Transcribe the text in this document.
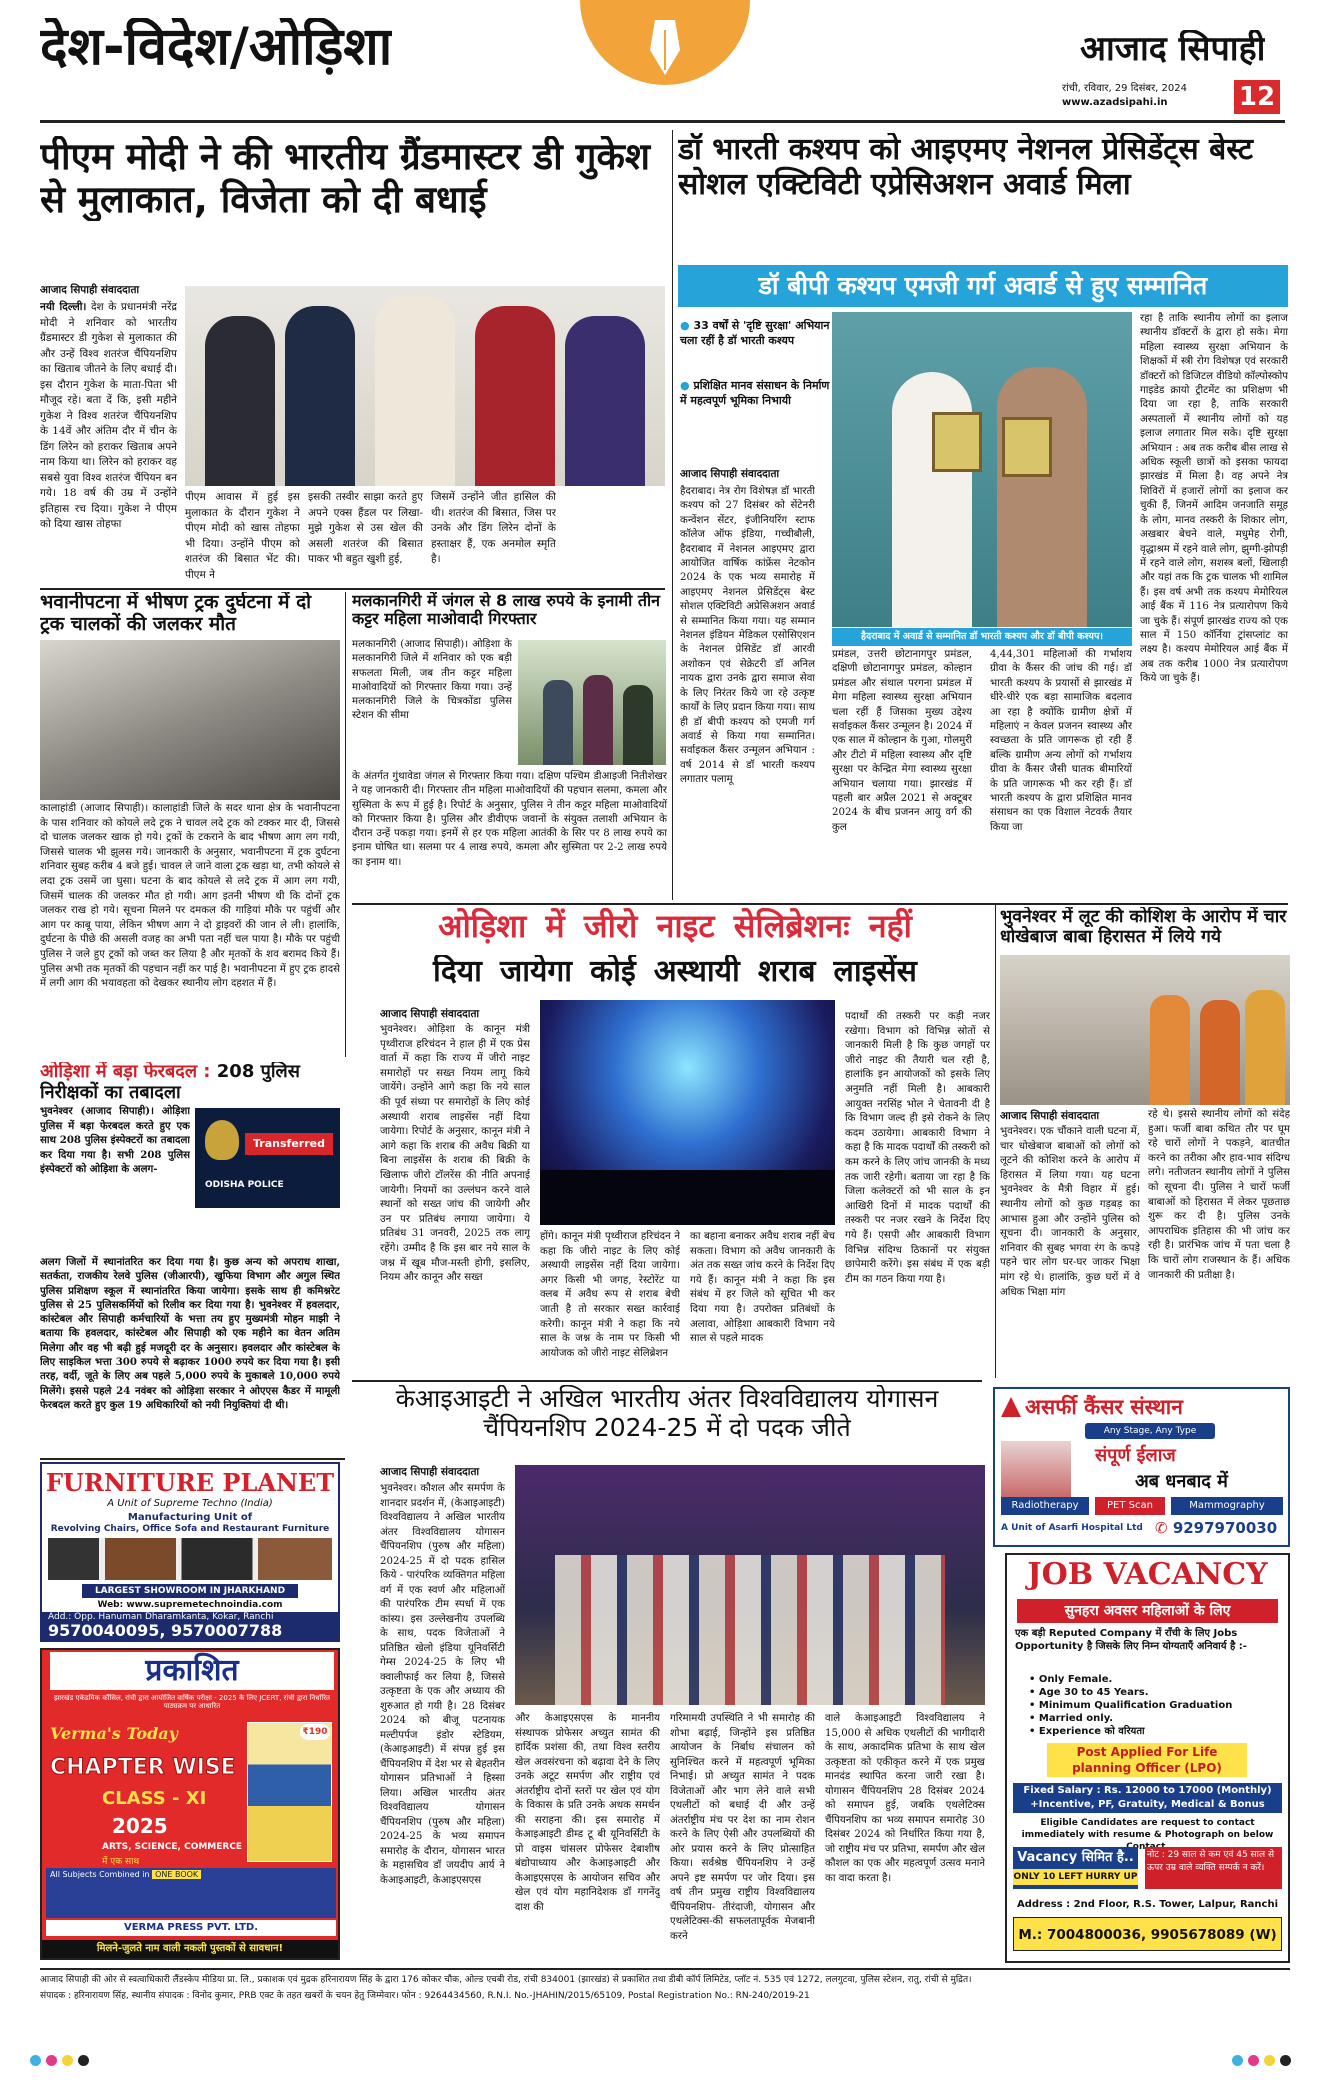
देश-विदेश/ओड़िशा	आजाद सिपाही
रांची, रविवार, 29 दिसंबर, 2024
www.azadsipahi.in	12
पीएम मोदी ने की भारतीय ग्रैंडमास्टर डी गुकेश से मुलाकात, विजेता को दी बधाई
आजाद सिपाही संवाददाता
नयी दिल्ली। देश के प्रधानमंत्री नरेंद्र मोदी ने शनिवार को भारतीय ग्रैंडमास्टर डी गुकेश से मुलाकात की और उन्हें विश्व शतरंज चैंपियनशिप का खिताब जीतने के लिए बधाई दी। इस दौरान गुकेश के माता-पिता भी मौजूद रहे। बता दें कि, इसी महीने गुकेश ने विश्व शतरंज चैंपियनशिप के 14वें और अंतिम दौर में चीन के डिंग लिरेन को हराकर खिताब अपने नाम किया था। लिरेन को हराकर वह सबसे युवा विश्व शतरंज चैंपियन बन गये। 18 वर्ष की उम्र में उन्होंने इतिहास रच दिया। गुकेश ने पीएम को दिया खास तोहफा
पीएम आवास में हुई इस मुलाकात के दौरान गुकेश ने पीएम मोदी को खास तोहफा भी दिया। उन्होंने पीएम को शतरंज की बिसात भेंट की। पीएम ने
इसकी तस्वीर साझा करते हुए अपने एक्स हैंडल पर लिखा- मुझे गुकेश से उस खेल की असली शतरंज की बिसात पाकर भी बहुत खुशी हुई,
जिसमें उन्होंने जीत हासिल की थी। शतरंज की बिसात, जिस पर उनके और डिंग लिरेन दोनों के हस्ताक्षर हैं, एक अनमोल स्मृति है।
भवानीपटना में भीषण ट्रक दुर्घटना में दो ट्रक चालकों की जलकर मौत
कालाहांडी (आजाद सिपाही)। कालाहांडी जिले के सदर थाना क्षेत्र के भवानीपटना के पास शनिवार को कोयले लदे ट्रक ने चावल लदे ट्रक को टक्कर मार दी, जिससे दो चालक जलकर खाक हो गये। ट्रकों के टकराने के बाद भीषण आग लग गयी, जिससे चालक भी झुलस गये। जानकारी के अनुसार, भवानीपटना में ट्रक दुर्घटना शनिवार सुबह करीब 4 बजे हुई। चावल ले जाने वाला ट्रक खड़ा था, तभी कोयले से लदा ट्रक उसमें जा घुसा। घटना के बाद कोयले से लदे ट्रक में आग लग गयी, जिसमें चालक की जलकर मौत हो गयी। आग इतनी भीषण थी कि दोनों ट्रक जलकर राख हो गये। सूचना मिलने पर दमकल की गाड़ियां मौके पर पहुंचीं और आग पर काबू पाया, लेकिन भीषण आग ने दो ड्राइवरों की जान ले ली। हालांकि, दुर्घटना के पीछे की असली वजह का अभी पता नहीं चल पाया है। मौके पर पहुंची पुलिस ने जले हुए ट्रकों को जब्त कर लिया है और मृतकों के शव बरामद किये हैं। पुलिस अभी तक मृतकों की पहचान नहीं कर पाई है। भवानीपटना में हुए ट्रक हादसे में लगी आग की भयावहता को देखकर स्थानीय लोग दहशत में हैं।
मलकानगिरी में जंगल से 8 लाख रुपये के इनामी तीन कट्टर महिला माओवादी गिरफ्तार
मलकानगिरी (आजाद सिपाही)। ओड़िशा के मलकानगिरी जिले में शनिवार को एक बड़ी सफलता मिली, जब तीन कट्टर महिला माओवादियों को गिरफ्तार किया गया। उन्हें मलकानगिरी जिले के चित्रकोंडा पुलिस स्टेशन की सीमा
के अंतर्गत गुंथावेडा जंगल से गिरफ्तार किया गया। दक्षिण पश्चिम डीआइजी नितीशेखर ने यह जानकारी दी। गिरफ्तार तीन महिला माओवादियों की पहचान सलमा, कमला और सुस्मिता के रूप में हुई है। रिपोर्ट के अनुसार, पुलिस ने तीन कट्टर महिला माओवादियों को गिरफ्तार किया है। पुलिस और डीवीएफ जवानों के संयुक्त तलाशी अभियान के दौरान उन्हें पकड़ा गया। इनमें से हर एक महिला आतंकी के सिर पर 8 लाख रुपये का इनाम घोषित था। सलमा पर 4 लाख रुपये, कमला और सुस्मिता पर 2-2 लाख रुपये का इनाम था।
ओड़िशा में बड़ा फेरबदल : 208 पुलिस निरीक्षकों का तबादला
भुवनेश्वर (आजाद सिपाही)। ओड़िशा पुलिस में बड़ा फेरबदल करते हुए एक साथ 208 पुलिस इंस्पेक्टरों का तबादला कर दिया गया है। सभी 208 पुलिस इंस्पेक्टरों को ओड़िशा के अलग-
Transferred
ODISHA POLICE
अलग जिलों में स्थानांतरित कर दिया गया है। कुछ अन्य को अपराध शाखा, सतर्कता, राजकीय रेलवे पुलिस (जीआरपी), खुफिया विभाग और अगुल स्थित पुलिस प्रशिक्षण स्कूल में स्थानांतरित किया जायेगा। इसके साथ ही कमिश्नरेट पुलिस से 25 पुलिसकर्मियों को रिलीव कर दिया गया है। भुवनेश्वर में हवलदार, कांस्टेबल और सिपाही कर्मचारियों के भत्ता तय हुए मुख्यमंत्री मोहन माझी ने बताया कि हवलदार, कांस्टेबल और सिपाही को एक महीने का वेतन अतिम मिलेगा और वह भी बढ़ी हुई मजदूरी दर के अनुसार। हवलदार और कांस्टेबल के लिए साइकिल भत्ता 300 रुपये से बढ़ाकर 1000 रुपये कर दिया गया है। इसी तरह, वर्दी, जूते के लिए अब पहले 5,000 रुपये के मुकाबले 10,000 रुपये मिलेंगे। इससे पहले 24 नवंबर को ओड़िशा सरकार ने ओएएस कैडर में मामूली फेरबदल करते हुए कुल 19 अधिकारियों को नयी नियुक्तियां दी थी।
डॉ भारती कश्यप को आइएमए नेशनल प्रेसिडेंट्स बेस्ट सोशल एक्टिविटी एप्रेसिअशन अवार्ड मिला
डॉ बीपी कश्यप एमजी गर्ग अवार्ड से हुए सम्मानित
● 33 वर्षों से 'दृष्टि सुरक्षा' अभियान चला रहीं है डॉ भारती कश्यप
● प्रशिक्षित मानव संसाधन के निर्माण में महत्वपूर्ण भूमिका निभायी
आजाद सिपाही संवाददाता
हैदराबाद। नेत्र रोग विशेषज्ञ डॉ भारती कश्यप को 27 दिसंबर को सेंटेनरी कन्वेंशन सेंटर, इंजीनियरिंग स्टाफ कॉलेज ऑफ इंडिया, गच्चीबौली, हैदराबाद में नेशनल आइएमए द्वारा आयोजित वार्षिक कांफ्रेंस नेटकोन 2024 के एक भव्य समारोह में आइएमए नेशनल प्रेसिडेंट्स बेस्ट सोशल एक्टिविटी अप्रेसिअशन अवार्ड से सम्मानित किया गया। यह सम्मान नेशनल इंडियन मेडिकल एसोसिएशन के नेशनल प्रेसिडेंट डॉ आरवी अशोकन एवं सेक्रेटरी डॉ अनिल नायक द्वारा उनके द्वारा समाज सेवा के लिए निरंतर किये जा रहे उत्कृष्ट कार्यों के लिए प्रदान किया गया। साथ ही डॉ बीपी कश्यप को एमजी गर्ग अवार्ड से किया गया सम्मानित। सर्वाइकल कैंसर उन्मूलन अभियान : वर्ष 2014 से डॉ भारती कश्यप लगातार पलामू
हैदराबाद में अवार्ड से सम्मानित डॉ भारती कश्यप और डॉ बीपी कश्यप।
प्रमंडल, उत्तरी छोटानागपुर प्रमंडल, दक्षिणी छोटानागपुर प्रमंडल, कोल्हान प्रमंडल और संथाल परगना प्रमंडल में मेगा महिला स्वास्थ्य सुरक्षा अभियान चला रहीं हैं जिसका मुख्य उद्देश्य सर्वाइकल कैंसर उन्मूलन है। 2024 में एक साल में कोल्हान के गुआ, गोलमुरी और टीटो में महिला स्वास्थ्य और दृष्टि सुरक्षा पर केन्द्रित मेगा स्वास्थ्य सुरक्षा अभियान चलाया गया। झारखंड में पहली बार अप्रैल 2021 से अक्टूबर 2024 के बीच प्रजनन आयु वर्ग की कुल
4,44,301 महिलाओं की गर्भाशय ग्रीवा के कैंसर की जांच की गई। डॉ भारती कश्यप के प्रयासों से झारखंड में धीरे-धीरे एक बड़ा सामाजिक बदलाव आ रहा है क्योंकि ग्रामीण क्षेत्रों में महिलाएं न केवल प्रजनन स्वास्थ्य और स्वच्छता के प्रति जागरूक हो रही हैं बल्कि ग्रामीण अन्य लोगों को गर्भाशय ग्रीवा के कैंसर जैसी घातक बीमारियों के प्रति जागरूक भी कर रही हैं। डॉ भारती कश्यप के द्वारा प्रशिक्षित मानव संसाधन का एक विशाल नेटवर्क तैयार किया जा
रहा है ताकि स्थानीय लोगों का इलाज स्थानीय डॉक्टरों के द्वारा हो सके। मेगा महिला स्वास्थ्य सुरक्षा अभियान के शिक्षकों में स्त्री रोग विशेषज्ञ एवं सरकारी डॉक्टरों को डिजिटल वीडियो कॉल्पोस्कोप गाइडेड क्रायो ट्रीटमेंट का प्रशिक्षण भी दिया जा रहा है, ताकि सरकारी अस्पतालों में स्थानीय लोगों को यह इलाज लगातार मिल सके। दृष्टि सुरक्षा अभियान : अब तक करीब बीस लाख से अधिक स्कूली छात्रों को इसका फायदा झारखंड में मिला है। वह अपने नेत्र शिविरों में हजारों लोगों का इलाज कर चुकी हैं, जिनमें आदिम जनजाति समूह के लोग, मानव तस्करी के शिकार लोग, अखबार बेचने वाले, मधुमेह रोगी, वृद्धाश्रम में रहने वाले लोग, झुग्गी-झोपड़ी में रहने वाले लोग, सशस्त्र बलों, खिलाड़ी और यहां तक कि ट्रक चालक भी शामिल हैं। इस वर्ष अभी तक कश्यप मेमोरियल आई बैंक में 116 नेत्र प्रत्यारोपण किये जा चुके हैं। संपूर्ण झारखंड राज्य को एक साल में 150 कॉर्निया ट्रांसप्लांट का लक्ष्य है। कश्यप मेमोरियल आई बैंक में अब तक करीब 1000 नेत्र प्रत्यारोपण किये जा चुके हैं।
ओड़िशा में जीरो नाइट सेलिब्रेशनः नहीं
दिया जायेगा कोई अस्थायी शराब लाइसेंस
आजाद सिपाही संवाददाता
भुवनेश्वर। ओड़िशा के कानून मंत्री पृथ्वीराज हरिचंदन ने हाल ही में एक प्रेस वार्ता में कहा कि राज्य में जीरो नाइट समारोहों पर सख्त नियम लागू किये जायेंगे। उन्होंने आगे कहा कि नये साल की पूर्व संध्या पर समारोहों के लिए कोई अस्थायी शराब लाइसेंस नहीं दिया जायेगा। रिपोर्ट के अनुसार, कानून मंत्री ने आगे कहा कि शराब की अवैध बिक्री या बिना लाइसेंस के शराब की बिक्री के खिलाफ जीरो टॉलरेंस की नीति अपनाई जायेगी। नियमों का उल्लंघन करने वाले स्थानों को सख्त जांच की जायेगी और उन पर प्रतिबंध लगाया जायेगा। ये प्रतिबंध 31 जनवरी, 2025 तक लागू रहेंगे। उम्मीद है कि इस बार नये साल के जश्न में खूब मौज-मस्ती होगी, इसलिए, नियम और कानून और सख्त
होंगे। कानून मंत्री पृथ्वीराज हरिचंदन ने कहा कि जीरो नाइट के लिए कोई अस्थायी लाइसेंस नहीं दिया जायेगा। अगर किसी भी जगह, रेस्टोरेंट या क्लब में अवैध रूप से शराब बेची जाती है तो सरकार सख्त कार्रवाई करेगी। कानून मंत्री ने कहा कि नये साल के जश्न के नाम पर किसी भी आयोजक को जीरो नाइट सेलिब्रेशन
का बहाना बनाकर अवैध शराब नहीं बेच सकता। विभाग को अवैध जानकारी के अंत तक सख्त जांच करने के निर्देश दिए गये हैं। कानून मंत्री ने कहा कि इस संबंध में हर जिले को सूचित भी कर दिया गया है। उपरोक्त प्रतिबंधों के अलावा, ओड़िशा आबकारी विभाग नये साल से पहले मादक
पदार्थों की तस्करी पर कड़ी नजर रखेगा। विभाग को विभिन्न स्रोतों से जानकारी मिली है कि कुछ जगहों पर जीरो नाइट की तैयारी चल रही है, हालांकि इन आयोजकों को इसके लिए अनुमति नहीं मिली है। आबकारी आयुक्त नरसिंह भोल ने चेतावनी दी है कि विभाग जल्द ही इसे रोकने के लिए कदम उठायेगा। आबकारी विभाग ने कहा है कि मादक पदार्थों की तस्करी को कम करने के लिए जांच जानकी के मध्य तक जारी रहेगी। बताया जा रहा है कि जिला कलेक्टरों को भी साल के इन आखिरी दिनों में मादक पदार्थों की तस्करी पर नजर रखने के निर्देश दिए गये हैं। एसपी और आबकारी विभाग विभिन्न संदिग्ध ठिकानों पर संयुक्त छापेमारी करेंगे। इस संबंध में एक बड़ी टीम का गठन किया गया है।
भुवनेश्वर में लूट की कोशिश के आरोप में चार धोखेबाज बाबा हिरासत में लिये गये
आजाद सिपाही संवाददाता
भुवनेश्वर। एक चौंकाने वाली घटना में, चार धोखेबाज बाबाओं को लोगों को लूटने की कोशिश करने के आरोप में हिरासत में लिया गया। यह घटना भुवनेश्वर के मैत्री विहार में हुई। स्थानीय लोगों को कुछ गड़बड़ का आभास हुआ और उन्होंने पुलिस को सूचना दी। जानकारी के अनुसार, शनिवार की सुबह भगवा रंग के कपड़े पहने चार लोग घर-घर जाकर भिक्षा मांग रहे थे। हालांकि, कुछ घरों में वे अधिक भिक्षा मांग
रहे थे। इससे स्थानीय लोगों को संदेह हुआ। फर्जी बाबा कथित तौर पर घूम रहे चारों लोगों ने पकड़ने, बातचीत करने का तरीका और हाव-भाव संदिग्ध लगे। नतीजतन स्थानीय लोगों ने पुलिस को सूचना दी। पुलिस ने चारों फर्जी बाबाओं को हिरासत में लेकर पूछताछ शुरू कर दी है। पुलिस उनके आपराधिक इतिहास की भी जांच कर रही है। प्रारंभिक जांच में पता चला है कि चारों लोग राजस्थान के हैं। अधिक जानकारी की प्रतीक्षा है।
केआइआइटी ने अखिल भारतीय अंतर विश्वविद्यालय योगासन चैंपियनशिप 2024-25 में दो पदक जीते
आजाद सिपाही संवाददाता
भुवनेश्वर। कौशल और समर्पण के शानदार प्रदर्शन में, (केआइआइटी) विश्वविद्यालय ने अखिल भारतीय अंतर विश्वविद्यालय योगासन चैंपियनशिप (पुरुष और महिला) 2024-25 में दो पदक हासिल किये - पारंपरिक व्यक्तिगत महिला वर्ग में एक स्वर्ण और महिलाओं की पारंपरिक टीम स्पर्धा में एक कांस्य। इस उल्लेखनीय उपलब्धि के साथ, पदक विजेताओं ने प्रतिष्ठित खेलो इंडिया यूनिवर्सिटी गेम्स 2024-25 के लिए भी क्वालीफाई कर लिया है, जिससे उत्कृष्टता के एक और अध्याय की शुरुआत हो गयी है। 28 दिसंबर 2024 को बीजू पटनायक मल्टीपर्पज इंडोर स्टेडियम, (केआइआइटी) में संपन्न हुई इस चैंपियनशिप में देश भर से बेहतरीन योगासन प्रतिभाओं ने हिस्सा लिया। अखिल भारतीय अंतर विश्वविद्यालय योगासन चैंपियनशिप (पुरुष और महिला) 2024-25 के भव्य समापन समारोह के दौरान, योगासन भारत के महासचिव डॉ जयदीप आर्य ने केआइआइटी, केआइएसएस
और केआइएसएस के माननीय संस्थापक प्रोफेसर अच्युत सामंत की हार्दिक प्रशंसा की, तथा विश्व स्तरीय खेल अवसंरचना को बढ़ावा देने के लिए उनके अटूट समर्पण और राष्ट्रीय एवं अंतर्राष्ट्रीय दोनों स्तरों पर खेल एवं योग के विकास के प्रति उनके अथक समर्थन की सराहना की। इस समारोह में केआइआइटी डीम्ड टू बी यूनिवर्सिटी के प्रो वाइस चांसलर प्रोफेसर देबाशीष बंद्योपाध्याय और केआइआइटी और केआइएसएस के आयोजन सचिव और खेल एवं योग महानिदेशक डॉ गगनेंदु दाश की
गरिमामयी उपस्थिति ने भी समारोह की शोभा बढ़ाई, जिन्होंने इस प्रतिष्ठित आयोजन के निर्बाध संचालन को सुनिश्चित करने में महत्वपूर्ण भूमिका निभाई। प्रो अच्युत सामंत ने पदक विजेताओं और भाग लेने वाले सभी एथलीटों को बधाई दी और उन्हें अंतर्राष्ट्रीय मंच पर देश का नाम रोशन करने के लिए ऐसी और उपलब्धियों की ओर प्रयास करने के लिए प्रोत्साहित किया। सर्वश्रेष्ठ चैंपियनशिप ने उन्हें अपने इष्ट समर्पण पर जोर दिया। इस वर्ष तीन प्रमुख राष्ट्रीय विश्वविद्यालय चैंपियनशिप- तीरंदाजी, योगासन और एथलेटिक्स-की सफलतापूर्वक मेजबानी करने
वाले केआइआइटी विश्वविद्यालय ने 15,000 से अधिक एथलीटों की भागीदारी के साथ, अकादमिक प्रतिभा के साथ खेल उत्कृष्टता को एकीकृत करने में एक प्रमुख मानदंड स्थापित करना जारी रखा है। योगासन चैंपियनशिप 28 दिसंबर 2024 को समापन हुई, जबकि एथलेटिक्स चैंपियनशिप का भव्य समापन समारोह 30 दिसंबर 2024 को निर्धारित किया गया है, जो राष्ट्रीय मंच पर प्रतिभा, समर्पण और खेल कौशल का एक और महत्वपूर्ण उत्सव मनाने का वादा करता है।
FURNITURE PLANET
A Unit of Supreme Techno (India)
Manufacturing Unit of
Revolving Chairs, Office Sofa and Restaurant Furniture
LARGEST SHOWROOM IN JHARKHAND
Web: www.supremetechnoindia.com
Add.: Opp. Hanuman Dharamkanta, Kokar, Ranchi
9570040095, 9570007788
प्रकाशित
झारखंड एकेडमिक कौंसिल, रांची द्वारा आयोजित वार्षिक परीक्षा - 2025 के लिए JCERT, रांची द्वारा निर्धारित पाठ्यक्रम पर आधारित
Verma's Today
CHAPTER WISE
CLASS - XI
2025
ARTS, SCIENCE, COMMERCE
में एक साथ
₹190
All Subjects Combined in ONE BOOK
VERMA PRESS PVT. LTD.
मिलने-जुलते नाम वाली नकली पुस्तकों से सावधान!
असर्फी कैंसर संस्थान
Any Stage, Any Type
संपूर्ण ईलाज
अब धनबाद में
Radiotherapy	PET Scan	Mammography
A Unit of Asarfi Hospital Ltd ✆ 9297970030
JOB VACANCY
सुनहरा अवसर महिलाओं के लिए
एक बड़ी Reputed Company में राँची के लिए Jobs Opportunity है जिसके लिए निम्न योग्यताएँ अनिवार्य है :-
• Only Female.
• Age 30 to 45 Years.
• Minimum Qualification Graduation
• Married only.
• Experience को वरियता
Post Applied For Life planning Officer (LPO)
Fixed Salary : Rs. 12000 to 17000 (Monthly) +Incentive, PF, Gratuity, Medical & Bonus
Eligible Candidates are request to contact immediately with resume & Photograph on below
Vacancy सिमित है..
ONLY 10 LEFT HURRY UP
नोट : 29 साल से कम एवं 45 साल से ऊपर उम्र वाले व्यक्ति सम्पर्क न करें।
Address : 2nd Floor, R.S. Tower, Lalpur, Ranchi
M.: 7004800036, 9905678089 (W)
आजाद सिपाही की ओर से स्वत्वाधिकारी लैंडस्केप मीडिया प्रा. लि., प्रकाशक एवं मुद्रक हरिनारायण सिंह के द्वारा 176 कोकर चौक, ओल्ड एचबी रोड, रांची 834001 (झारखंड) से प्रकाशित तथा डीबी कॉर्प लिमिटेड, प्लॉट नं. 535 एवं 1272, ललगुटवा, पुलिस स्टेशन, रातु, रांची से मुद्रित।
संपादक : हरिनारायण सिंह, स्थानीय संपादक : विनोद कुमार, PRB एक्ट के तहत खबरों के चयन हेतु जिम्मेवार। फोन : 9264434560, R.N.I. No.-JHAHIN/2015/65109, Postal Registration No.: RN-240/2019-21
